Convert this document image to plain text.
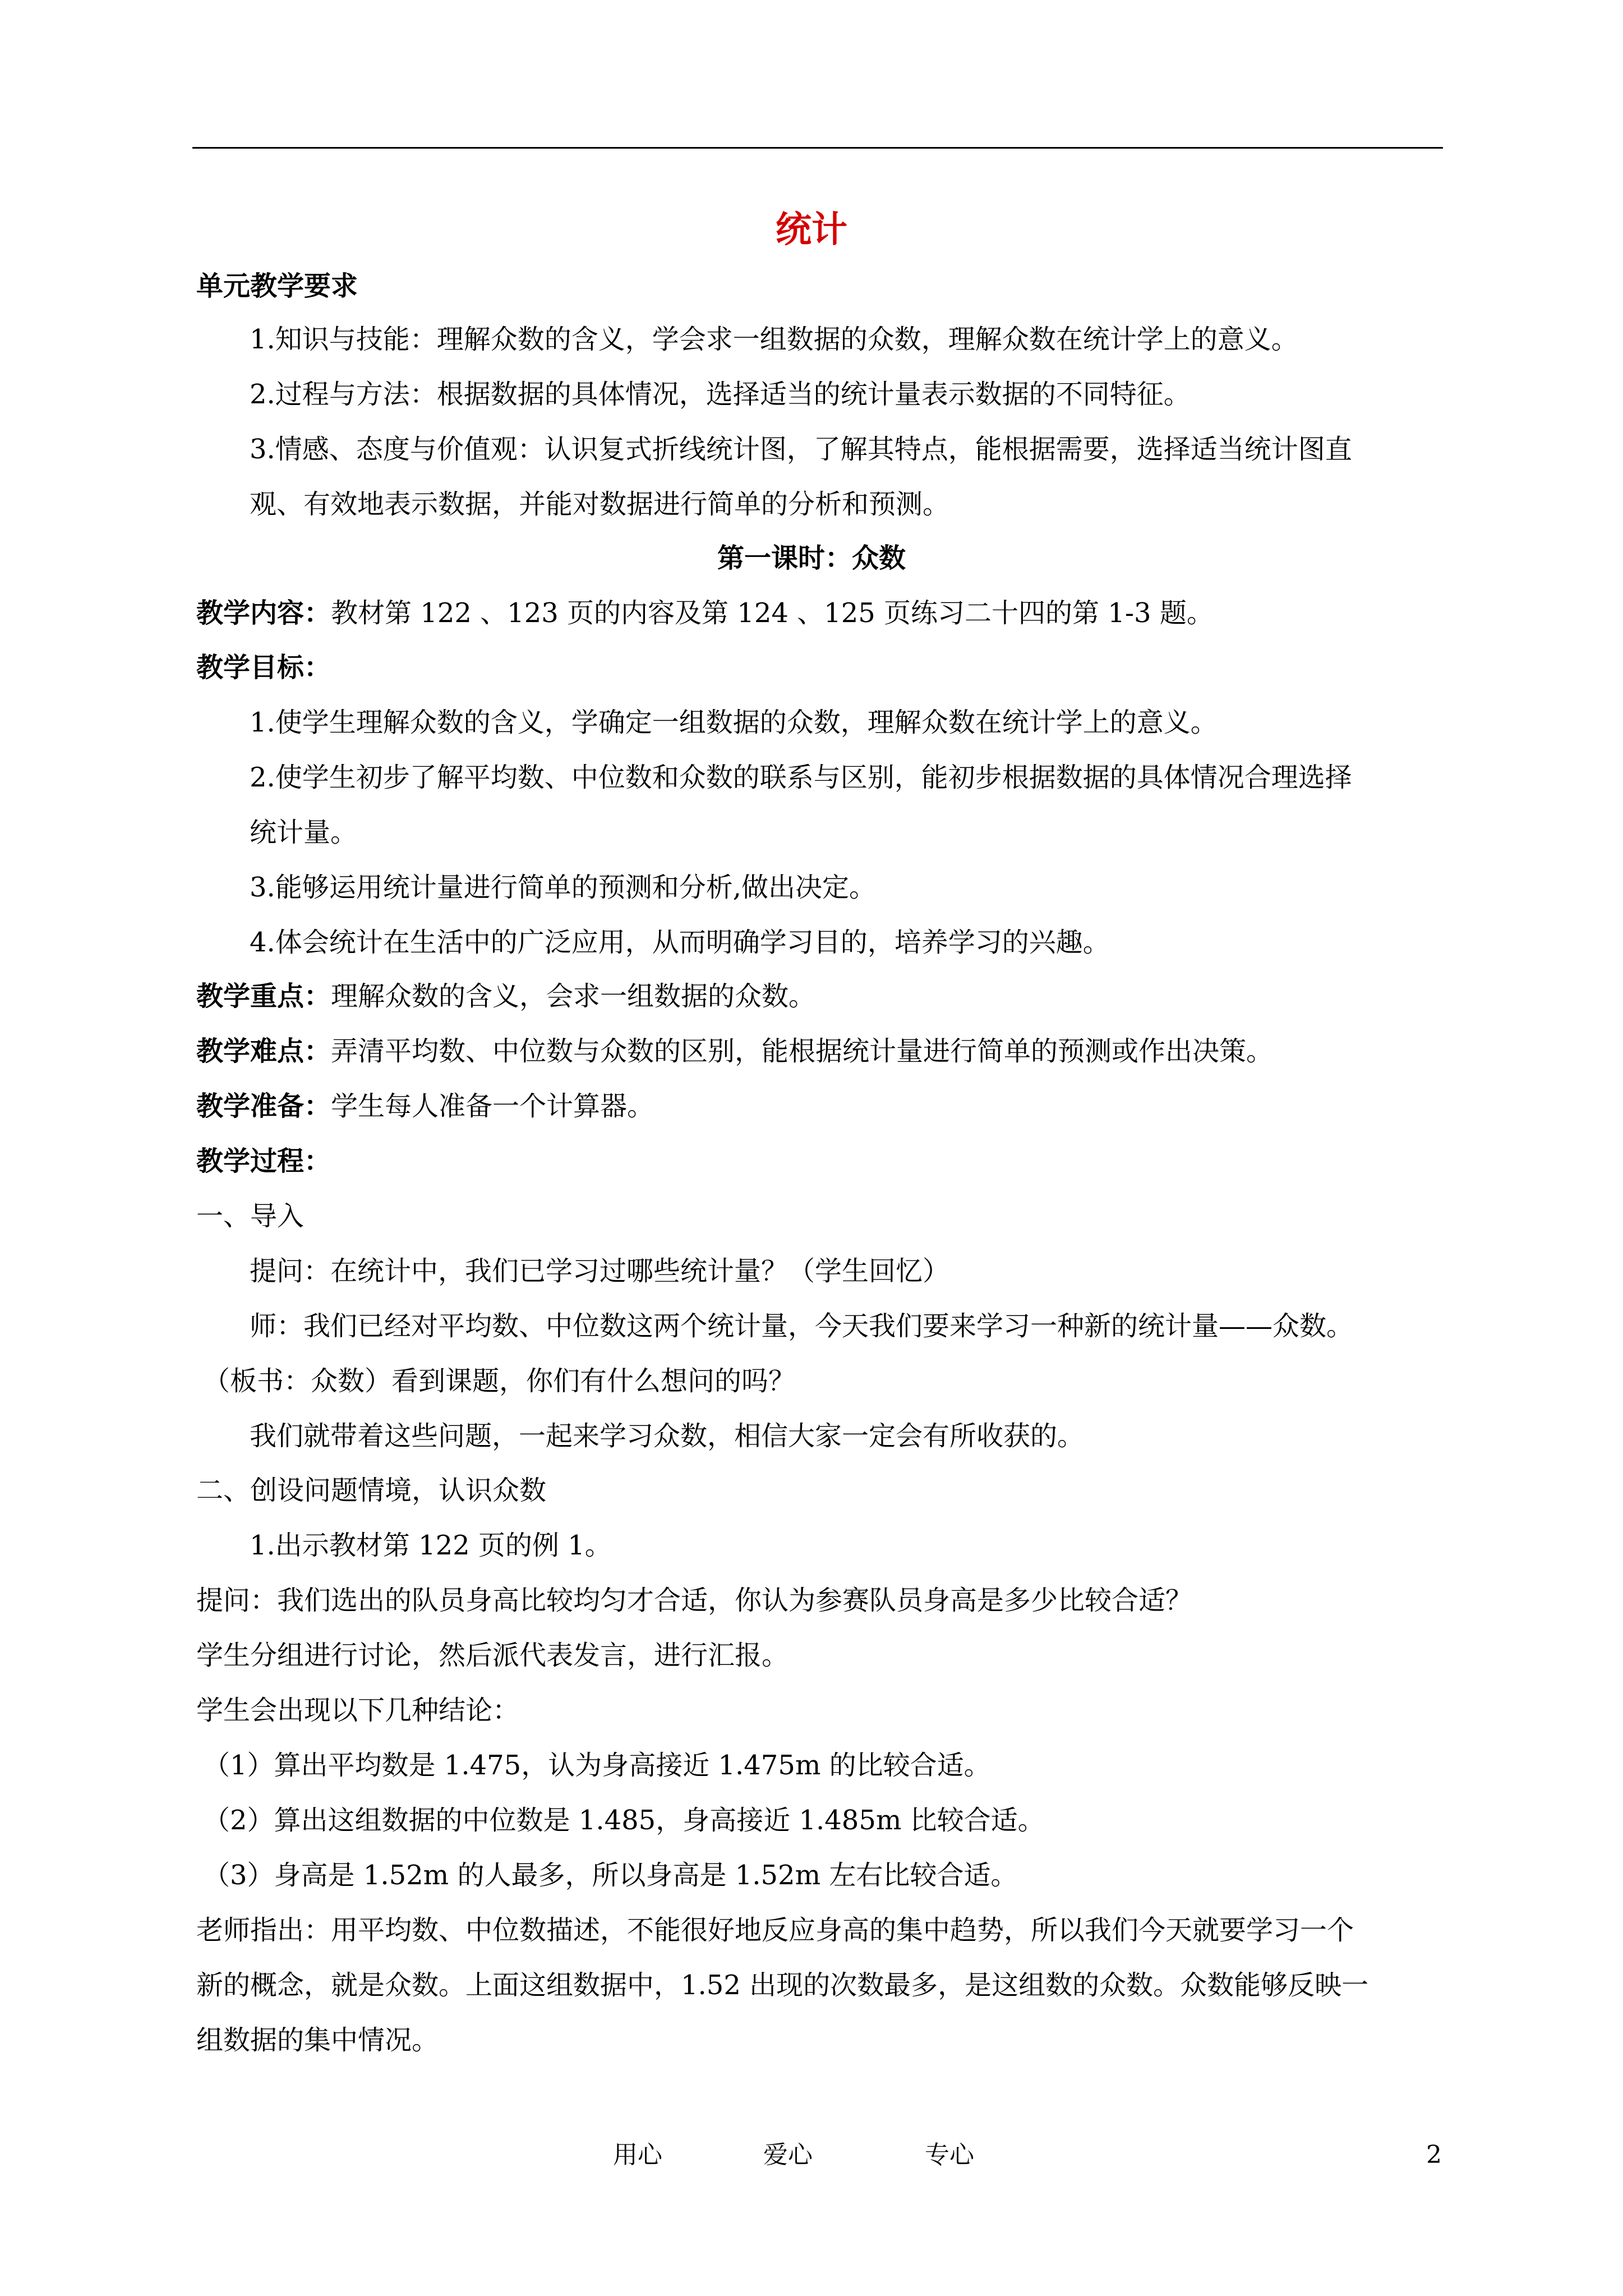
统计

单元教学要求

1.知识与技能：理解众数的含义，学会求一组数据的众数，理解众数在统计学上的意义。

2.过程与方法：根据数据的具体情况，选择适当的统计量表示数据的不同特征。

3.情感、态度与价值观：认识复式折线统计图，了解其特点，能根据需要，选择适当统计图直

观、有效地表示数据，并能对数据进行简单的分析和预测。

第一课时：众数

教学内容：教材第 122 、123 页的内容及第 124 、125 页练习二十四的第 1-3 题。

教学目标：

1.使学生理解众数的含义，学确定一组数据的众数，理解众数在统计学上的意义。

2.使学生初步了解平均数、中位数和众数的联系与区别，能初步根据数据的具体情况合理选择

统计量。

3.能够运用统计量进行简单的预测和分析,做出决定。

4.体会统计在生活中的广泛应用，从而明确学习目的，培养学习的兴趣。

教学重点：理解众数的含义，会求一组数据的众数。

教学难点：弄清平均数、中位数与众数的区别，能根据统计量进行简单的预测或作出决策。

教学准备：学生每人准备一个计算器。

教学过程：

一、导入

提问：在统计中，我们已学习过哪些统计量？（学生回忆）

师：我们已经对平均数、中位数这两个统计量，今天我们要来学习一种新的统计量——众数。

（板书：众数）看到课题，你们有什么想问的吗？

我们就带着这些问题，一起来学习众数，相信大家一定会有所收获的。

二、创设问题情境，认识众数

1.出示教材第 122 页的例 1。

提问：我们选出的队员身高比较均匀才合适，你认为参赛队员身高是多少比较合适？

学生分组进行讨论，然后派代表发言，进行汇报。

学生会出现以下几种结论：

（1）算出平均数是 1.475，认为身高接近 1.475m 的比较合适。

（2）算出这组数据的中位数是 1.485，身高接近 1.485m 比较合适。

（3）身高是 1.52m 的人最多，所以身高是 1.52m 左右比较合适。

老师指出：用平均数、中位数描述，不能很好地反应身高的集中趋势，所以我们今天就要学习一个

新的概念，就是众数。上面这组数据中，1.52 出现的次数最多，是这组数的众数。众数能够反映一

组数据的集中情况。

用心	爱心	专心	2
